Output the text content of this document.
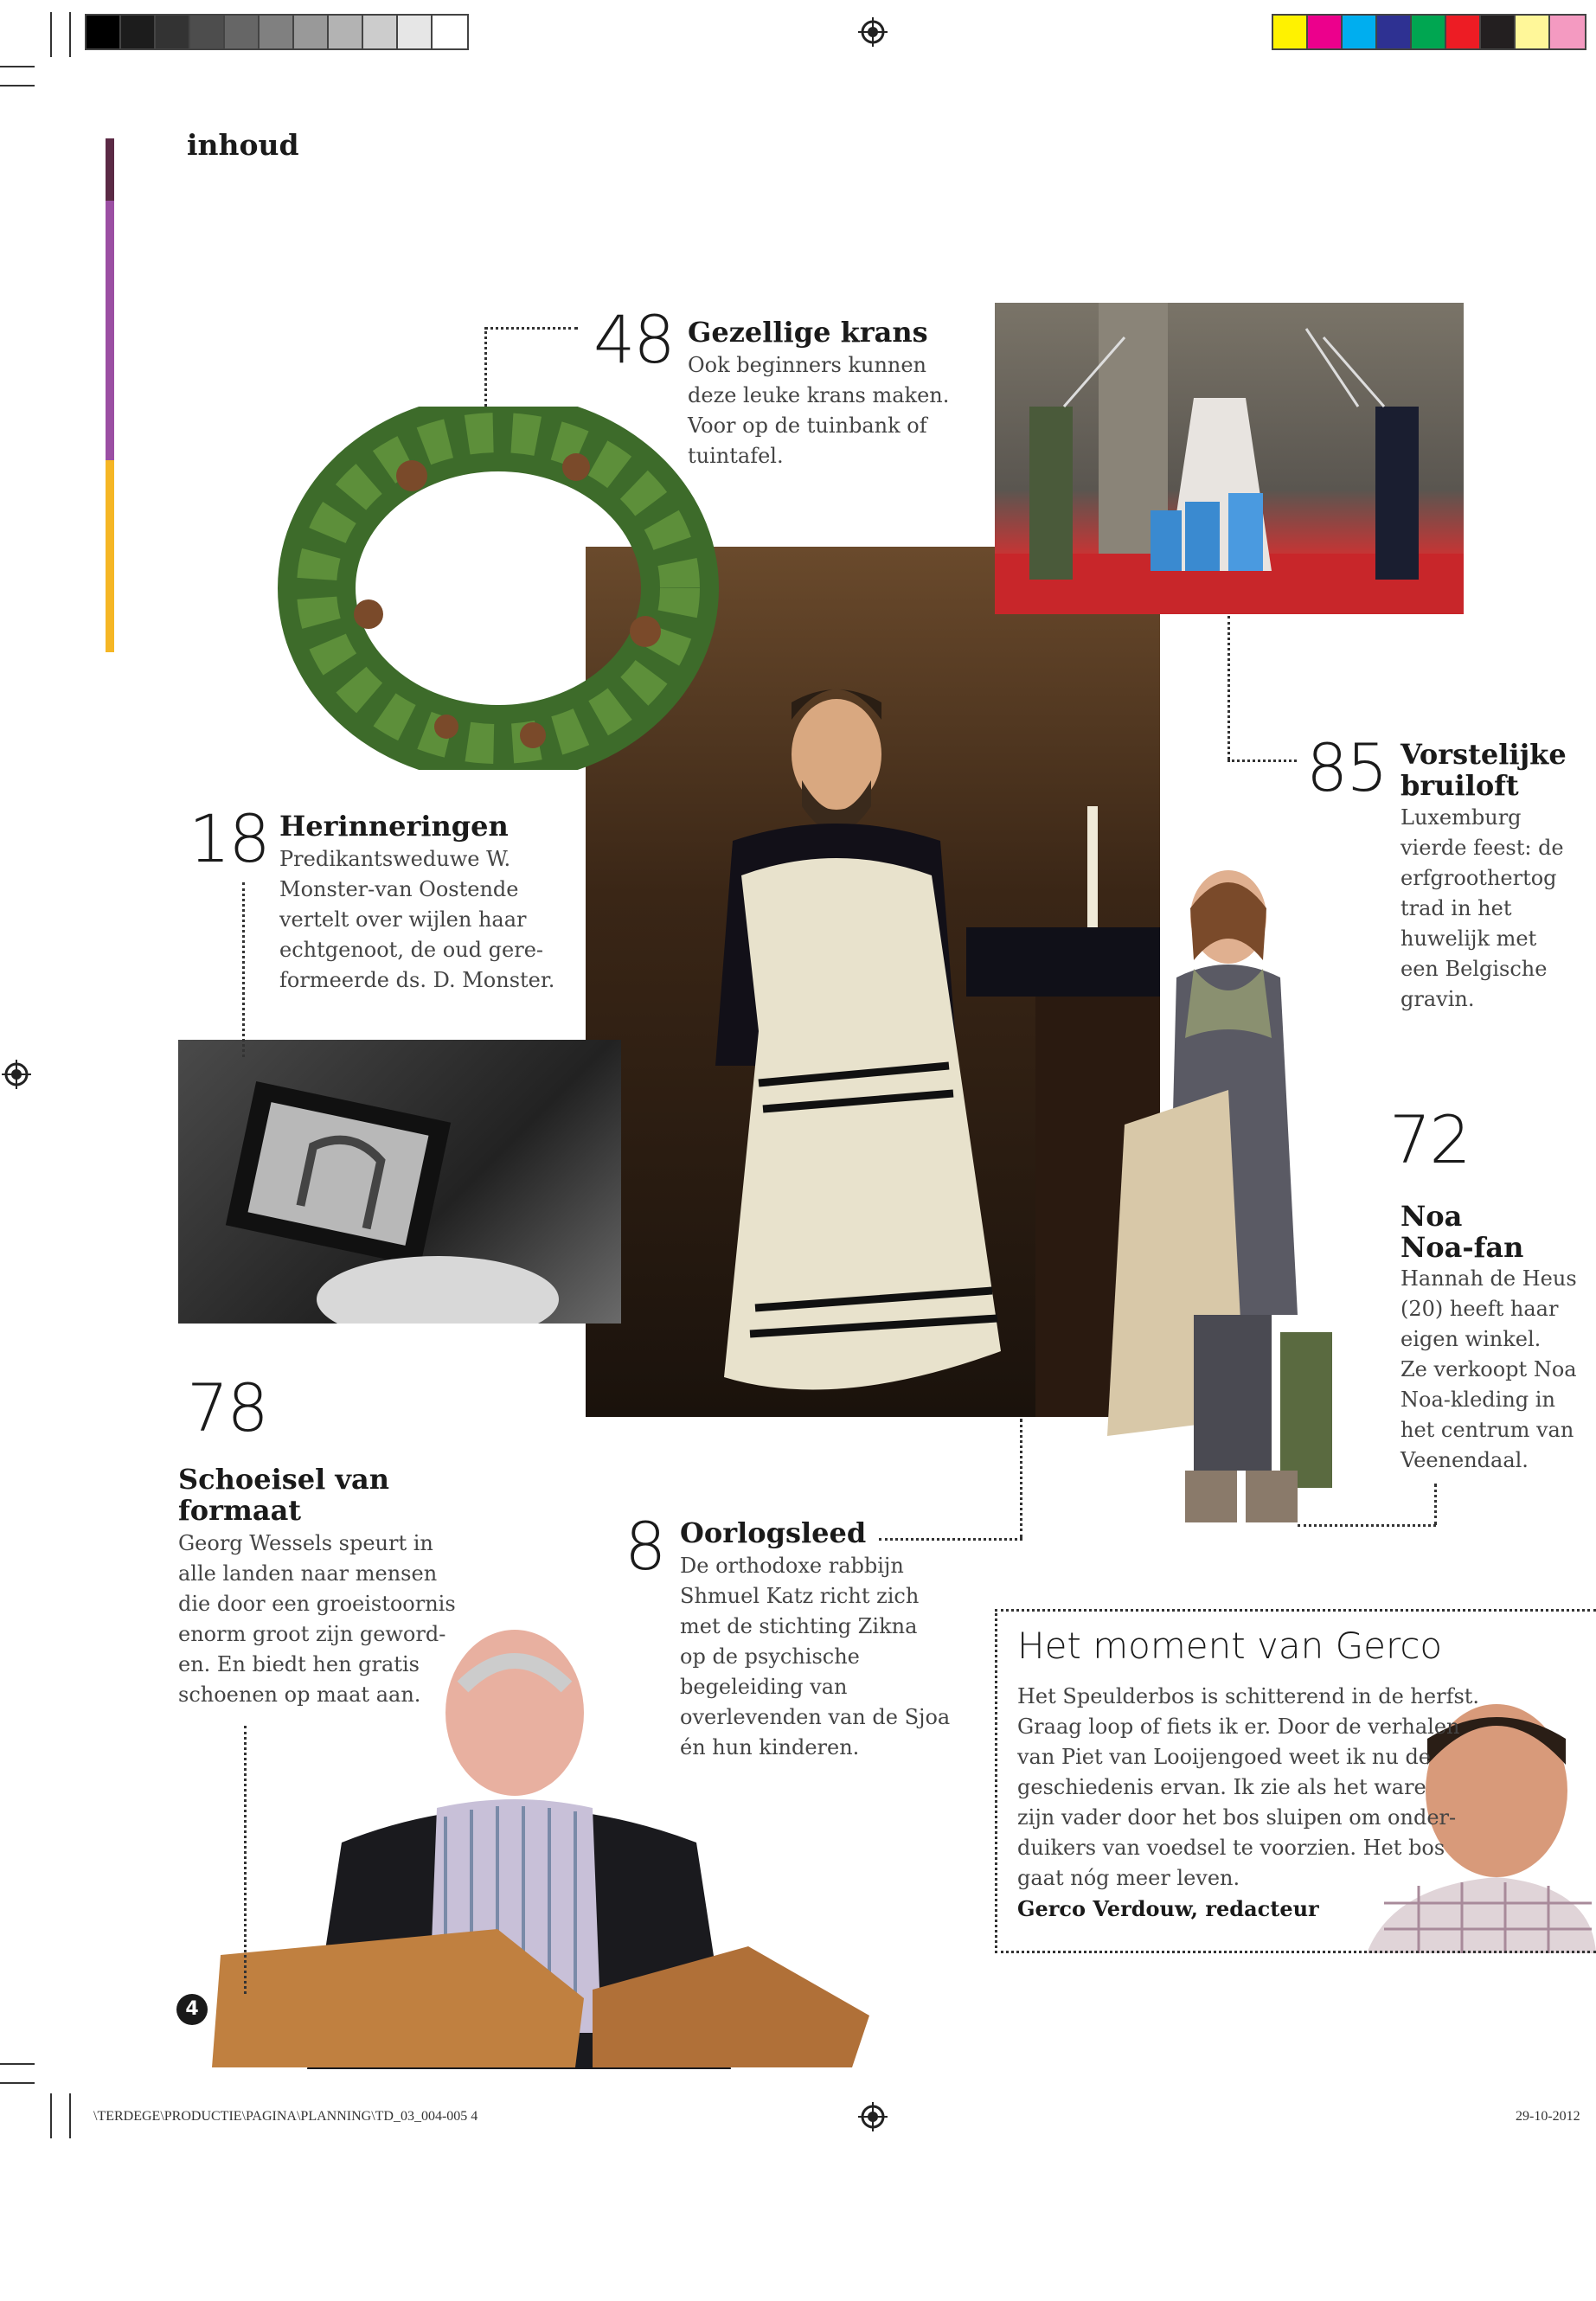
inhoud
48 Gezellige krans
Ook beginners kunnen
deze leuke krans maken.
Voor op de tuinbank of
tuintafel.
18 Herinneringen
Predikantsweduwe W.
Monster-van Oostende
vertelt over wijlen haar
echtgenoot, de oud gere-
formeerde ds. D. Monster.
85 Vorstelijke
bruiloft
Luxemburg
vierde feest: de
erfgroothertog
trad in het
huwelijk met
een Belgische
gravin.
72
Noa
Noa-fan
Hannah de Heus
(20) heeft haar
eigen winkel.
Ze verkoopt Noa
Noa-kleding in
het centrum van
Veenendaal.
78
Schoeisel van
formaat
Georg Wessels speurt in
alle landen naar mensen
die door een groeistoornis
enorm groot zijn geword-
en. En biedt hen gratis
schoenen op maat aan.
8 Oorlogsleed
De orthodoxe rabbijn
Shmuel Katz richt zich
met de stichting Zikna
op de psychische
begeleiding van
overlevenden van de Sjoa
én hun kinderen.
Het moment van Gerco
Het Speulderbos is schitterend in de herfst.
Graag loop of fiets ik er. Door de verhalen
van Piet van Looijengoed weet ik nu de
geschiedenis ervan. Ik zie als het ware
zijn vader door het bos sluipen om onder-
duikers van voedsel te voorzien. Het bos
gaat nóg meer leven.
Gerco Verdouw, redacteur
4
\TERDEGE\PRODUCTIE\PAGINA\PLANNING\TD_03_004-005 4	29-10-2012
